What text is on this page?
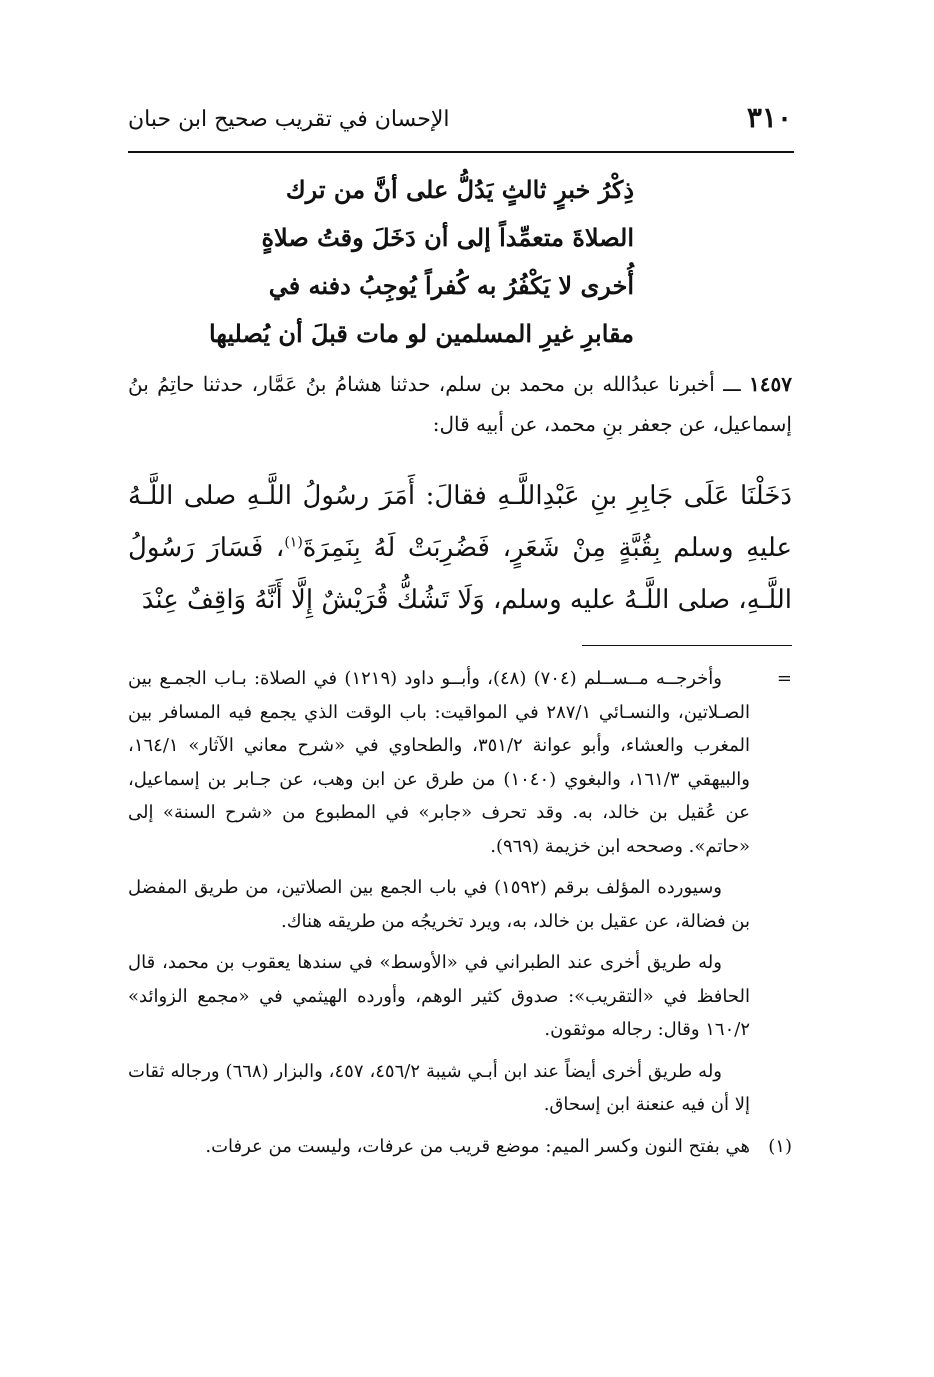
٣١٠
الإحسان في تقريب صحيح ابن حبان
ذِكْرُ خبرٍ ثالثٍ يَدُلُّ على أنَّ من ترك
الصلاةَ متعمِّداً إلى أن دَخَلَ وقتُ صلاةٍ
أُخرى لا يَكْفُرُ به كُفراً يُوجِبُ دفنه في
مقابرِ غيرِ المسلمين لو مات قبلَ أن يُصليها

١٤٥٧ ـــ أخبرنا عبدُالله بن محمد بن سلم، حدثنا هشامُ بنُ عَمَّار، حدثنا حاتِمُ بنُ إسماعيل، عن جعفر بنِ محمد، عن أبيه قال:

دَخَلْنَا عَلَى جَابِرِ بنِ عَبْدِاللَّـهِ فقالَ: أَمَرَ رسُولُ اللَّـهِ صلى اللَّـهُ عليهِ وسلم بِقُبَّةٍ مِنْ شَعَرٍ، فَضُرِبَتْ لَهُ بِنَمِرَةَ$^{(١)}$، فَسَارَ رَسُولُ اللَّـهِ، صلى اللَّـهُ عليه وسلم، وَلَا تَشُكُّ قُرَيْشٌ إِلَّا أَنَّهُ وَاقِفٌ عِنْدَ

=

وأخرجــه مــســلم (٧٠٤) (٤٨)، وأبــو داود (١٢١٩) في الصلاة: بـاب الجمـع بين الصـلاتين، والنسـائي ٢٨٧/١ في المواقيت: باب الوقت الذي يجمع فيه المسافر بين المغرب والعشاء، وأبو عوانة ٣٥١/٢، والطحاوي في «شرح معاني الآثار» ١٦٤/١، والبيهقي ١٦١/٣، والبغوي (١٠٤٠) من طرق عن ابن وهب، عن جـابر بن إسماعيل، عن عُقيل بن خالد، به. وقد تحرف «جابر» في المطبوع من «شرح السنة» إلى «حاتم». وصححه ابن خزيمة (٩٦٩).

وسيورده المؤلف برقم (١٥٩٢) في باب الجمع بين الصلاتين، من طريق المفضل بن فضالة، عن عقيل بن خالد، به، ويرد تخريجُه من طريقه هناك.

وله طريق أخرى عند الطبراني في «الأوسط» في سندها يعقوب بن محمد، قال الحافظ في «التقريب»: صدوق كثير الوهم، وأورده الهيثمي في «مجمع الزوائد» ١٦٠/٢ وقال: رجاله موثقون.

وله طريق أخرى أيضاً عند ابن أبـي شيبة ٤٥٦/٢، ٤٥٧، والبزار (٦٦٨) ورجاله ثقات إلا أن فيه عنعنة ابن إسحاق.

(١)
هي بفتح النون وكسر الميم: موضع قريب من عرفات، وليست من عرفات.
